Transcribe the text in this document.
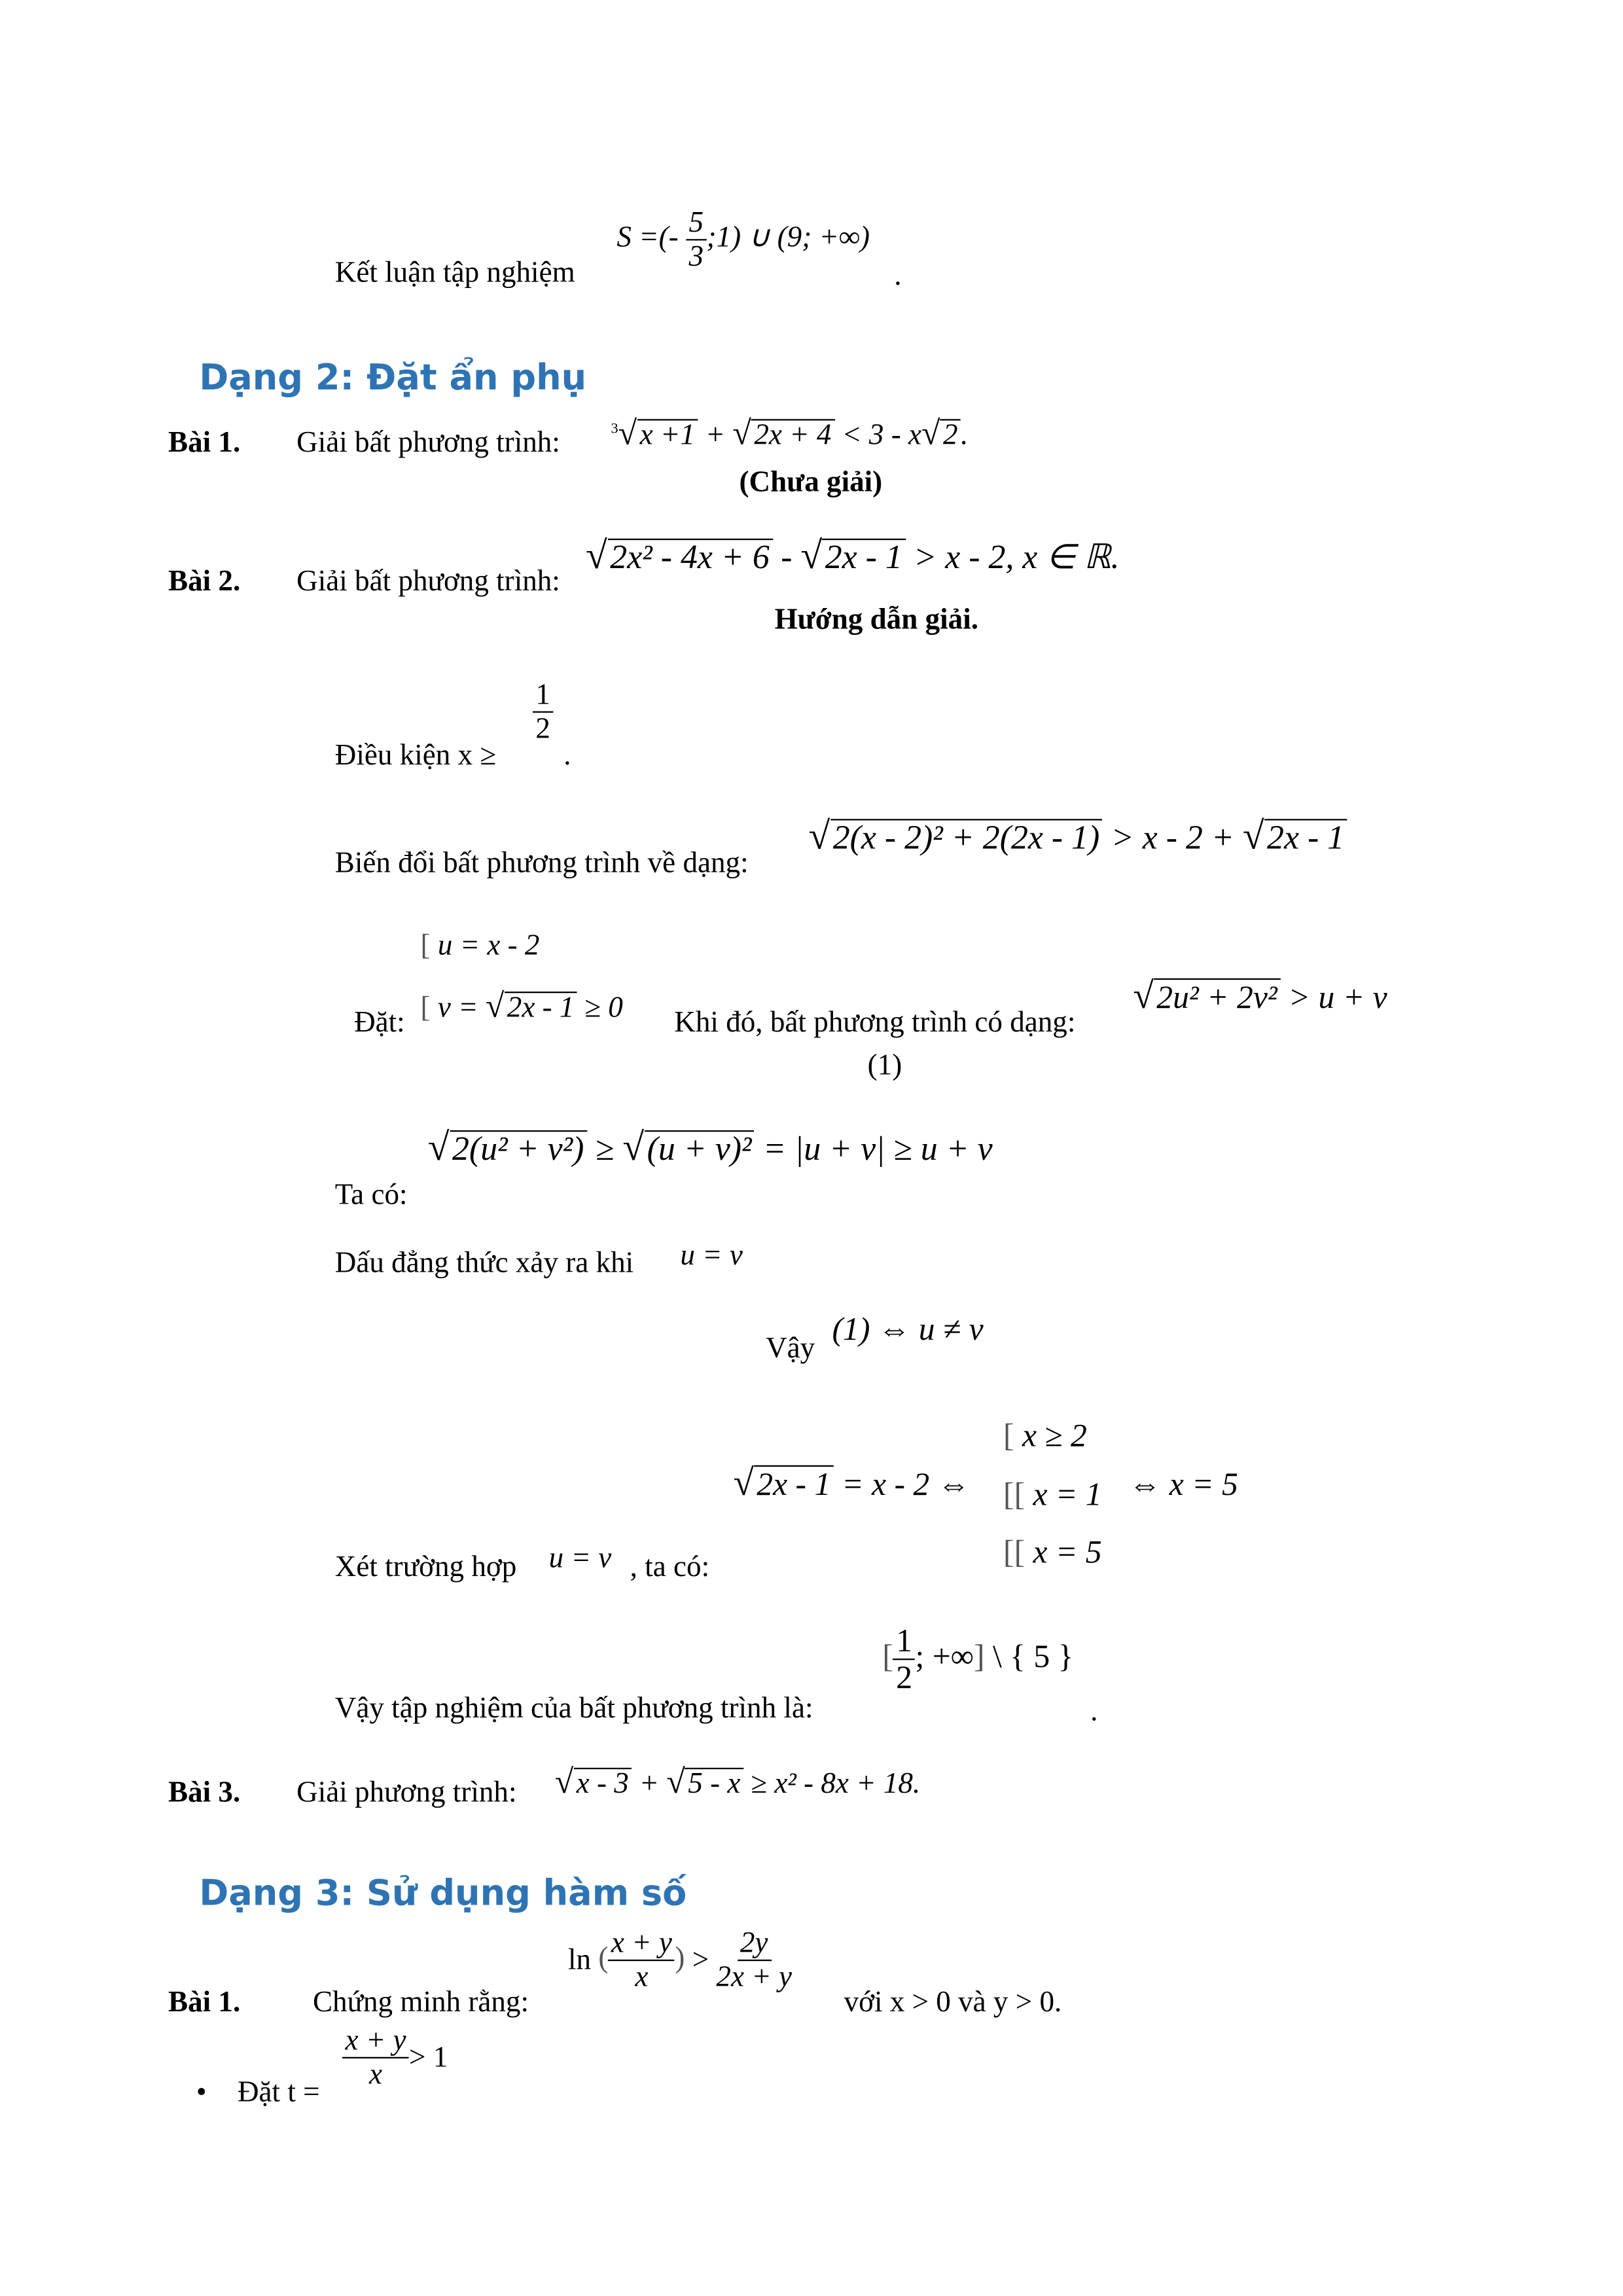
Kết luận tập nghiệm
S =(- $\frac{5}{3}$ ;1) ∪ (9; +∞)
.
Dạng 2: Đặt ẩn phụ
Bài 1.	Giải bất phương trình:	$^3$√ x +1 + √ 2x + 4 < 3 - x√ 2 .
(Chưa giải)
Bài 2.	Giải bất phương trình:
√ 2x² - 4x + 6 - √ 2x - 1 > x - 2, x ∈ ℝ.
Hướng dẫn giải.
Điều kiện x ≥
$\frac{1}{2}$
.
Biến đổi bất phương trình về dạng:
√ 2(x - 2)² + 2(2x - 1) > x - 2 + √ 2x - 1
Đặt:
[ u = x - 2
[ v = √ 2x - 1 ≥ 0	Khi đó, bất phương trình có dạng:
√ 2u² + 2v² > u + v
(1)
Ta có:
√ 2(u² + v²) ≥ √ (u + v)² = |u + v| ≥ u + v
Dấu đẳng thức xảy ra khi	u = v
Vậy
(1) ⇔ u ≠ v
Xét trường hợp u = v , ta có:
√ 2x - 1 = x - 2 ⇔
[ x ≥ 2
[[ x = 1
[[ x = 5
⇔ x = 5
Vậy tập nghiệm của bất phương trình là:
[ $\frac{1}{2}$ ; +∞] \ { 5 }
.
Bài 3.	Giải phương trình:	√ x - 3 + √ 5 - x ≥ x² - 8x + 18.
Dạng 3: Sử dụng hàm số
Bài 1.	Chứng minh rằng:
ln ( $\frac{x + y}{x}$ ) > $\frac{2y}{2x + y}$
với x > 0 và y > 0.
• Đặt t =
$\frac{x + y}{x} > 1$
